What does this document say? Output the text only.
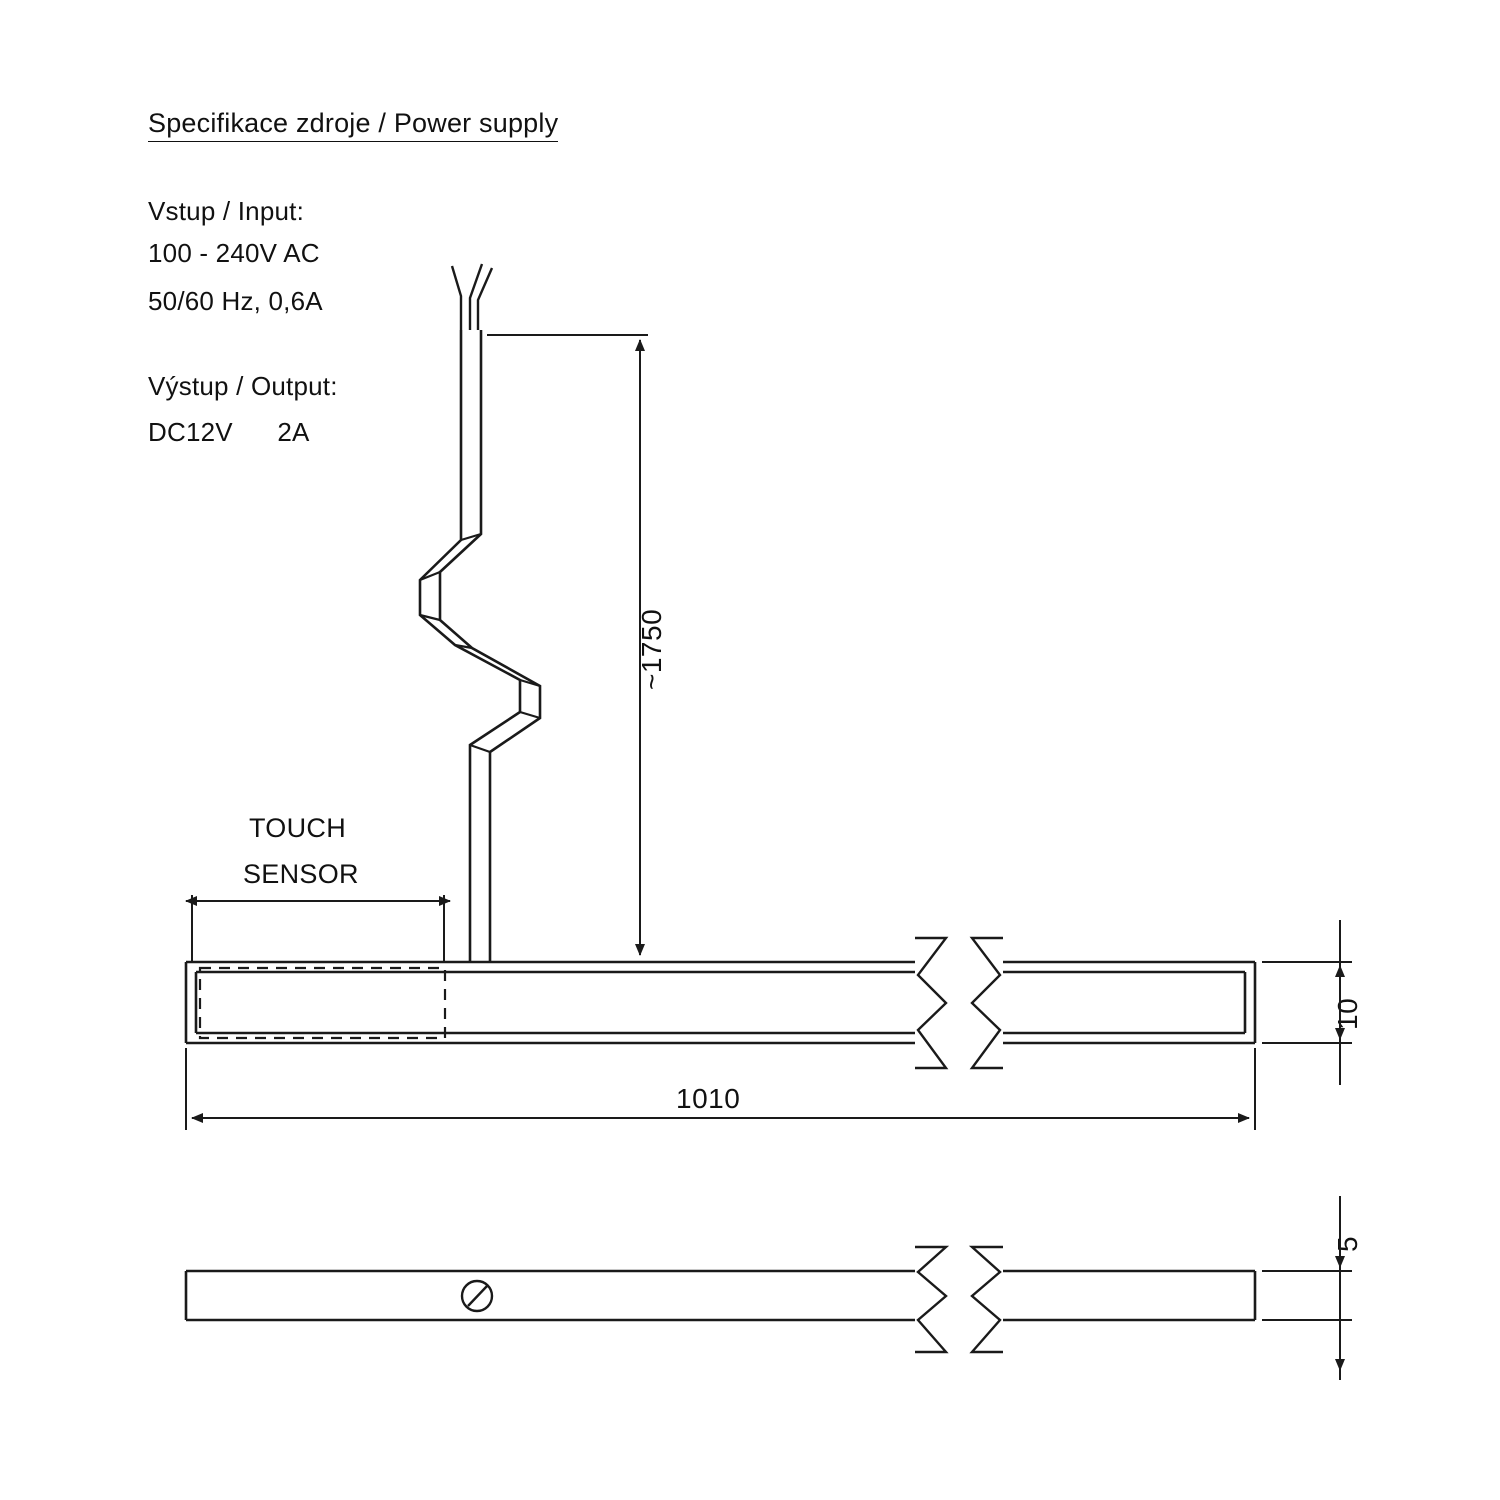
Specifikace zdroje / Power supply
Vstup / Input:
100 - 240V AC
50/60 Hz, 0,6A
Výstup / Output:
DC12V      2A
TOUCH
SENSOR
~1750
1010
10
5
